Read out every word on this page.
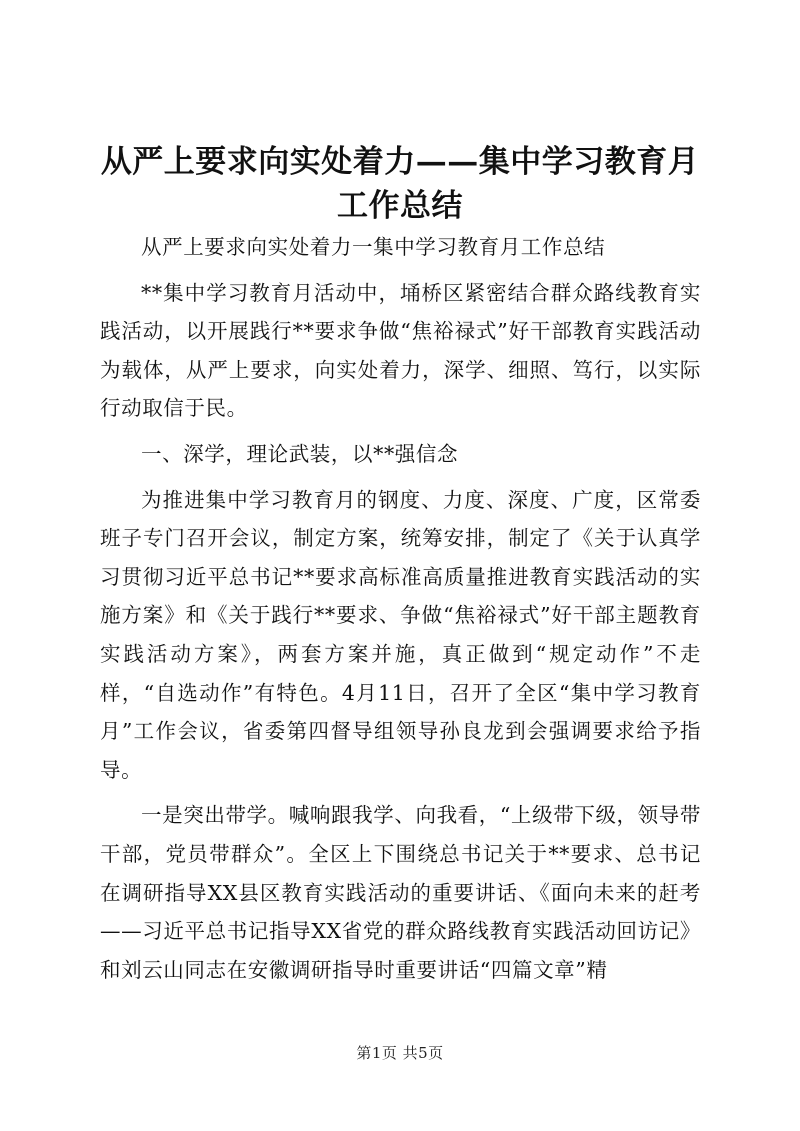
从严上要求向实处着力——集中学习教育月工作总结

从严上要求向实处着力一集中学习教育月工作总结

**集中学习教育月活动中，埇桥区紧密结合群众路线教育实践活动，以开展践行**要求争做“焦裕禄式”好干部教育实践活动为载体，从严上要求，向实处着力，深学、细照、笃行，以实际行动取信于民。

一、深学，理论武装，以**强信念

为推进集中学习教育月的钢度、力度、深度、广度，区常委班子专门召开会议，制定方案，统筹安排，制定了《关于认真学习贯彻习近平总书记**要求高标准高质量推进教育实践活动的实施方案》和《关于践行**要求、争做“焦裕禄式”好干部主题教育实践活动方案》，两套方案并施，真正做到“规定动作”不走样，“自选动作”有特色。4月11日，召开了全区“集中学习教育月”工作会议，省委第四督导组领导孙良龙到会强调要求给予指导。

一是突出带学。喊响跟我学、向我看，“上级带下级，领导带干部，党员带群众”。全区上下围绕总书记关于**要求、总书记在调研指导XX县区教育实践活动的重要讲话、《面向未来的赶考——习近平总书记指导XX省党的群众路线教育实践活动回访记》和刘云山同志在安徽调研指导时重要讲话“四篇文章”精

第1页 共5页
